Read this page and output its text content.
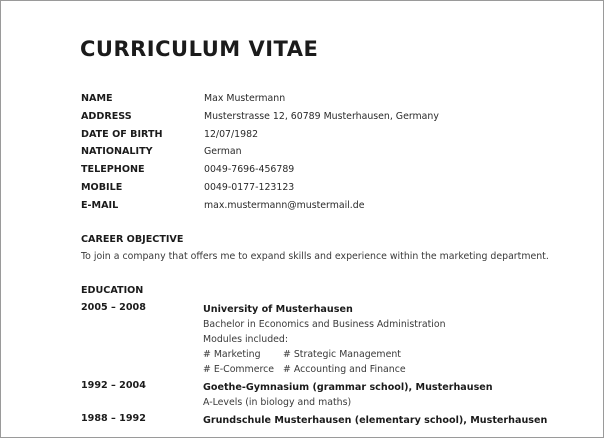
CURRICULUM VITAE
NAME	Max Mustermann
ADDRESS	Musterstrasse 12, 60789 Musterhausen, Germany
DATE OF BIRTH	12/07/1982
NATIONALITY	German
TELEPHONE	0049-7696-456789
MOBILE	0049-0177-123123
E-MAIL	max.mustermann@mustermail.de
CAREER OBJECTIVE
To join a company that offers me to expand skills and experience within the marketing department.
EDUCATION
2005 – 2008	University of Musterhausen
Bachelor in Economics and Business Administration
Modules included:
# Marketing # Strategic Management
# E-Commerce # Accounting and Finance
1992 – 2004	Goethe-Gymnasium (grammar school), Musterhausen
A-Levels (in biology and maths)
1988 – 1992	Grundschule Musterhausen (elementary school), Musterhausen
